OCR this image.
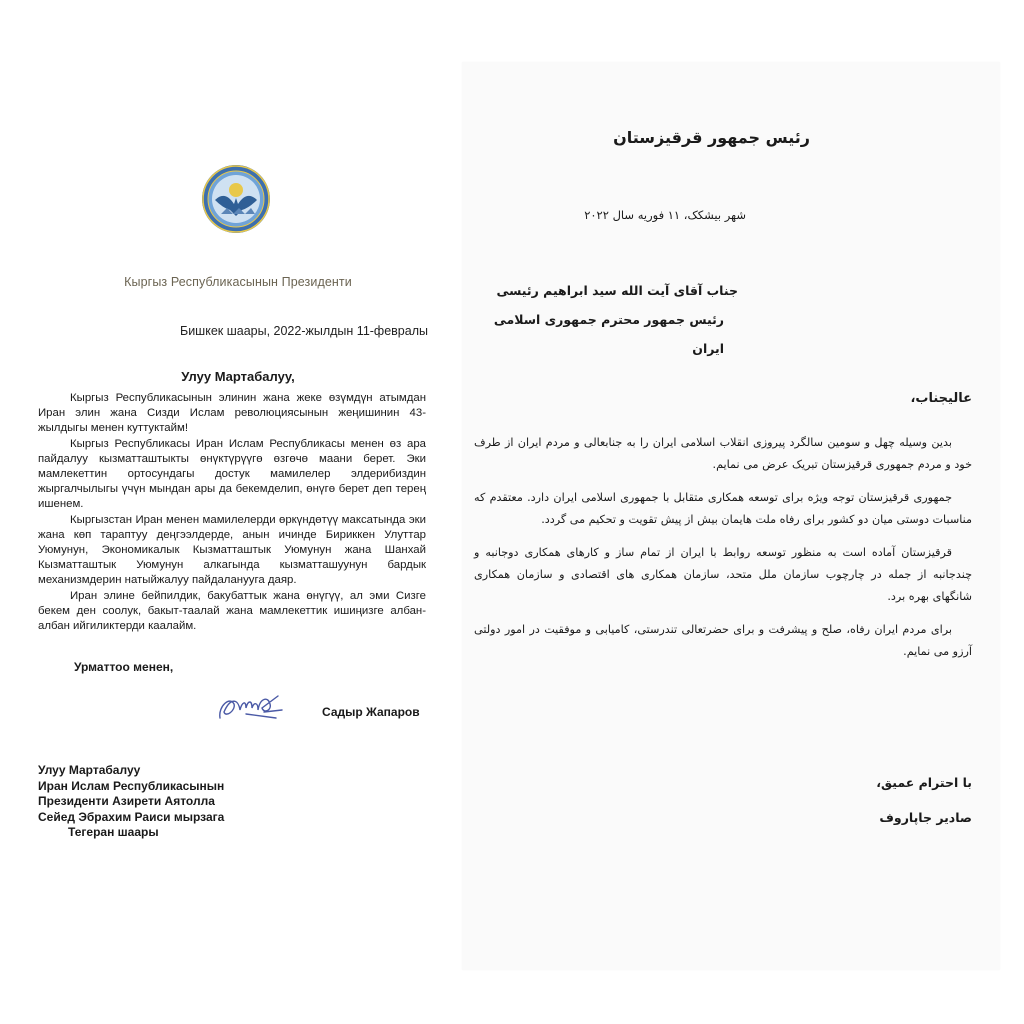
Кыргыз Республикасынын Президенти
Бишкек шаары, 2022-жылдын 11-февралы
Улуу Мартабалуу,

Кыргыз Республикасынын элинин жана жеке өзүмдүн атымдан Иран элин жана Сизди Ислам революциясынын жеңишинин 43-жылдыгы менен куттуктайм!

Кыргыз Республикасы Иран Ислам Республикасы менен өз ара пайдалуу кызматташтыкты өнүктүрүүгө өзгөчө маани берет. Эки мамлекеттин ортосундагы достук мамилелер элдерибиздин жыргалчылыгы үчүн мындан ары да бекемделип, өнүгө берет деп терең ишенем.

Кыргызстан Иран менен мамилелерди өркүндөтүү максатында эки жана көп тараптуу деңгээлдерде, анын ичинде Бириккен Улуттар Уюмунун, Экономикалык Кызматташтык Уюмунун жана Шанхай Кызматташтык Уюмунун алкагында кызматташуунун бардык механизмдерин натыйжалуу пайдаланууга даяр.

Иран элине бейпилдик, бакубаттык жана өнүгүү, ал эми Сизге бекем ден соолук, бакыт-таалай жана мамлекеттик ишиңизге албан-албан ийгиликтерди каалайм.

Урматтоо менен,
Садыр Жапаров
Улуу Мартабалуу
Иран Ислам Республикасынын
Президенти Азирети Аятолла
Сейед Эбрахим Раиси мырзага
Тегеран шаары
رئیس جمهور قرقیزستان
شهر بیشکک، ۱۱ فوریه سال ۲۰۲۲
جناب آقای آیت الله سید ابراهیم رئیسی
رئیس جمهور محترم جمهوری اسلامی ایران
عالیجناب،

بدین وسیله چهل و سومین سالگرد پیروزی انقلاب اسلامی ایران را به جنابعالی و مردم ایران از طرف خود و مردم جمهوری قرقیزستان تبریک عرض می نمایم.

جمهوری قرقیزستان توجه ویژه برای توسعه همکاری متقابل با جمهوری اسلامی ایران دارد. معتقدم که مناسبات دوستی میان دو کشور برای رفاه ملت هایمان بیش از پیش تقویت و تحکیم می گردد.

قرقیزستان آماده است به منظور توسعه روابط با ایران از تمام ساز و کارهای همکاری دوجانبه و چندجانبه از جمله در چارچوب سازمان ملل متحد، سازمان همکاری های اقتصادی و سازمان همکاری شانگهای بهره برد.

برای مردم ایران رفاه، صلح و پیشرفت و برای حضرتعالی تندرستی، کامیابی و موفقیت در امور دولتی آرزو می نمایم.

با احترام عمیق،
صادیر جاپاروف
